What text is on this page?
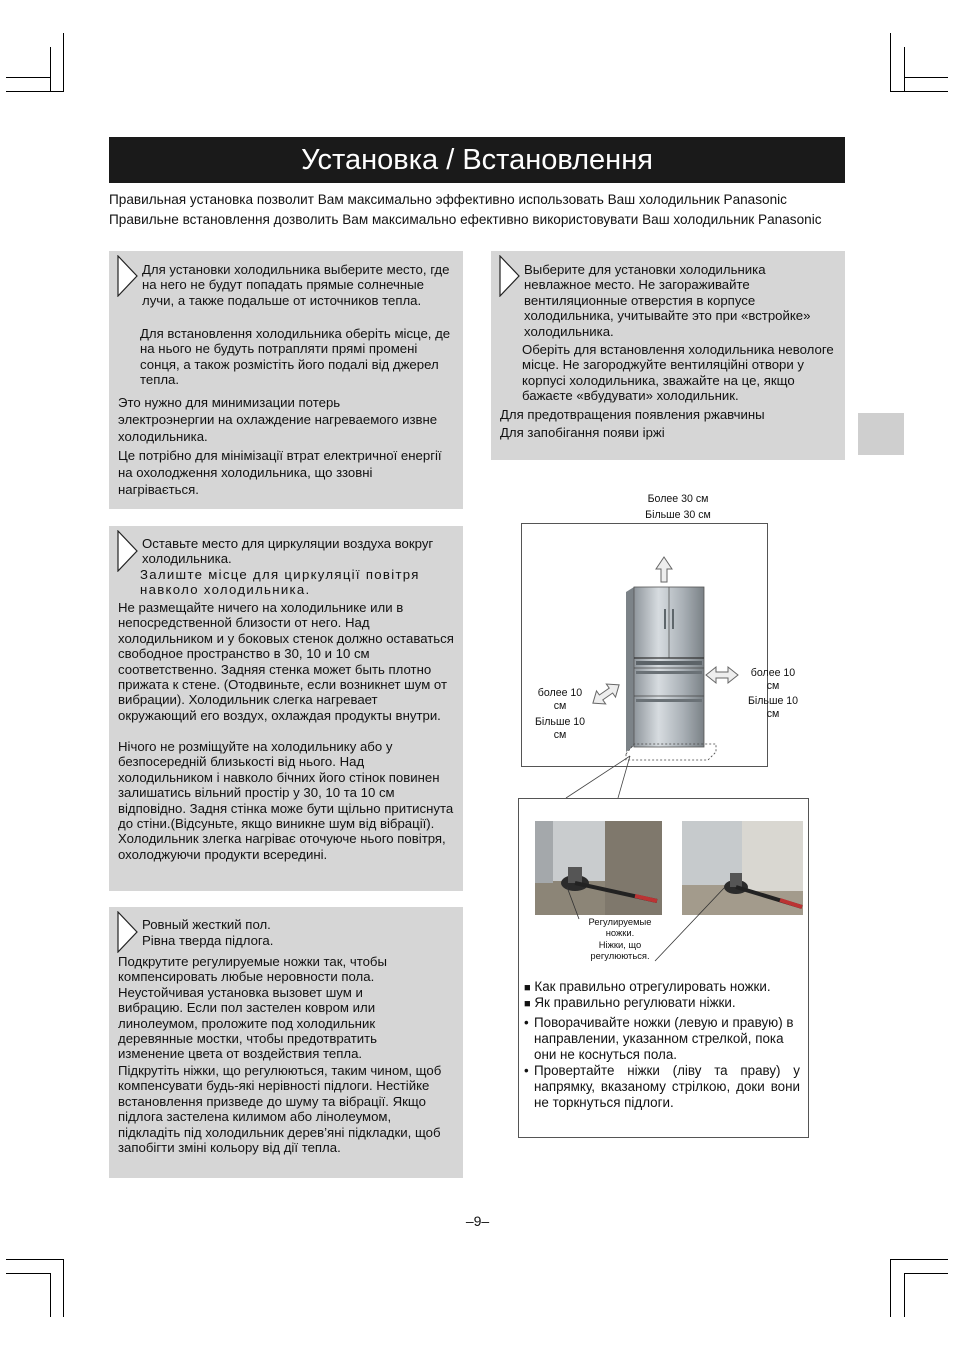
Установка / Встановлення
Правильная установка позволит Вам максимально эффективно использовать Ваш холодильник Panasonic
Правильне встановлення дозволить Вам максимально ефективно використовувати Ваш холодильник Panasonic

Для установки холодильника выберите место, где на него не будут попадать прямые солнечные лучи, а также подальше от источников тепла.

Для встановлення холодильника оберіть місце, де на нього не будуть потрапляти прямі промені сонця, а також розмістіть його подалі від джерел тепла.

Это нужно для минимизации потерь электроэнергии на охлаждение нагреваемого извне холодильника.

Це потрібно для мінімізації втрат електричної енергії на охолодження холодильника, що ззовні нагрівається.

Выберите для установки холодильника невлажное место. Не загораживайте вентиляционные отверстия в корпусе холодильника, учитывайте это при «встройке» холодильника.

Оберіть для встановлення холодильника невологе місце. Не загороджуйте вентиляційні отвори у корпусі холодильника, зважайте на це, якщо бажаєте «вбудувати» холодильник.

Для предотвращения появления ржавчины

Для запобігання появи іржі

Оставьте место для циркуляции воздуха вокруг холодильника.

Залиште місце для циркуляції повітря навколо холодильника.

Не размещайте ничего на холодильнике или в непосредственной близости от него. Над холодильником и у боковых стенок должно оставаться свободное пространство в 30, 10 и 10 см соответственно. Задняя стенка может быть плотно прижата к стене. (Отодвиньте, если возникнет шум от вибрации). Холодильник слегка нагревает окружающий его воздух, охлаждая продукты внутри.

Нічого не розміщуйте на холодильнику або у безпосередній близькості від нього. Над холодильником і навколо бічних його стінок повинен залишатись вільний простір у 30, 10 та 10 см відповідно. Задня стінка може бути щільно притиснута до стіни.(Відсуньте, якщо виникне шум від вібрації). Холодильник злегка нагріває оточуюче нього повітря, охолоджуючи продукти всередині.

Ровный жесткий пол.

Рівна тверда підлога.

Подкрутите регулируемые ножки так, чтобы компенсировать любые неровности пола. Неустойчивая установка вызовет шум и вибрацию. Если пол застелен ковром или линолеумом, проложите под холодильник деревянные мостки, чтобы предотвратить изменение цвета от воздействия тепла.

Підкрутіть ніжки, що регулюються, таким чином, щоб компенсувати будь-які нерівності підлоги. Нестійке встановлення призведе до шуму та вібрації. Якщо підлога застелена килимом або лінолеумом, підкладіть під холодильник дерев’яні підкладки, щоб запобігти зміні кольору від дії тепла.

Более 30 см
Більше 30 см
более 10 см
Більше 10 см
более 10 см
Більше 10 см
Регулируемые ножки.
Ніжки, що регулюються.
■ Как правильно отрегулировать ножки.
■ Як правильно регулювати ніжки.
• Поворачивайте ножки (левую и правую) в направлении, указанном стрелкой, пока они не коснуться пола.
• Провертайте ніжки (ліву та праву) у напрямку, вказаному стрілкою, доки вони не торкнуться підлоги.
–9–
